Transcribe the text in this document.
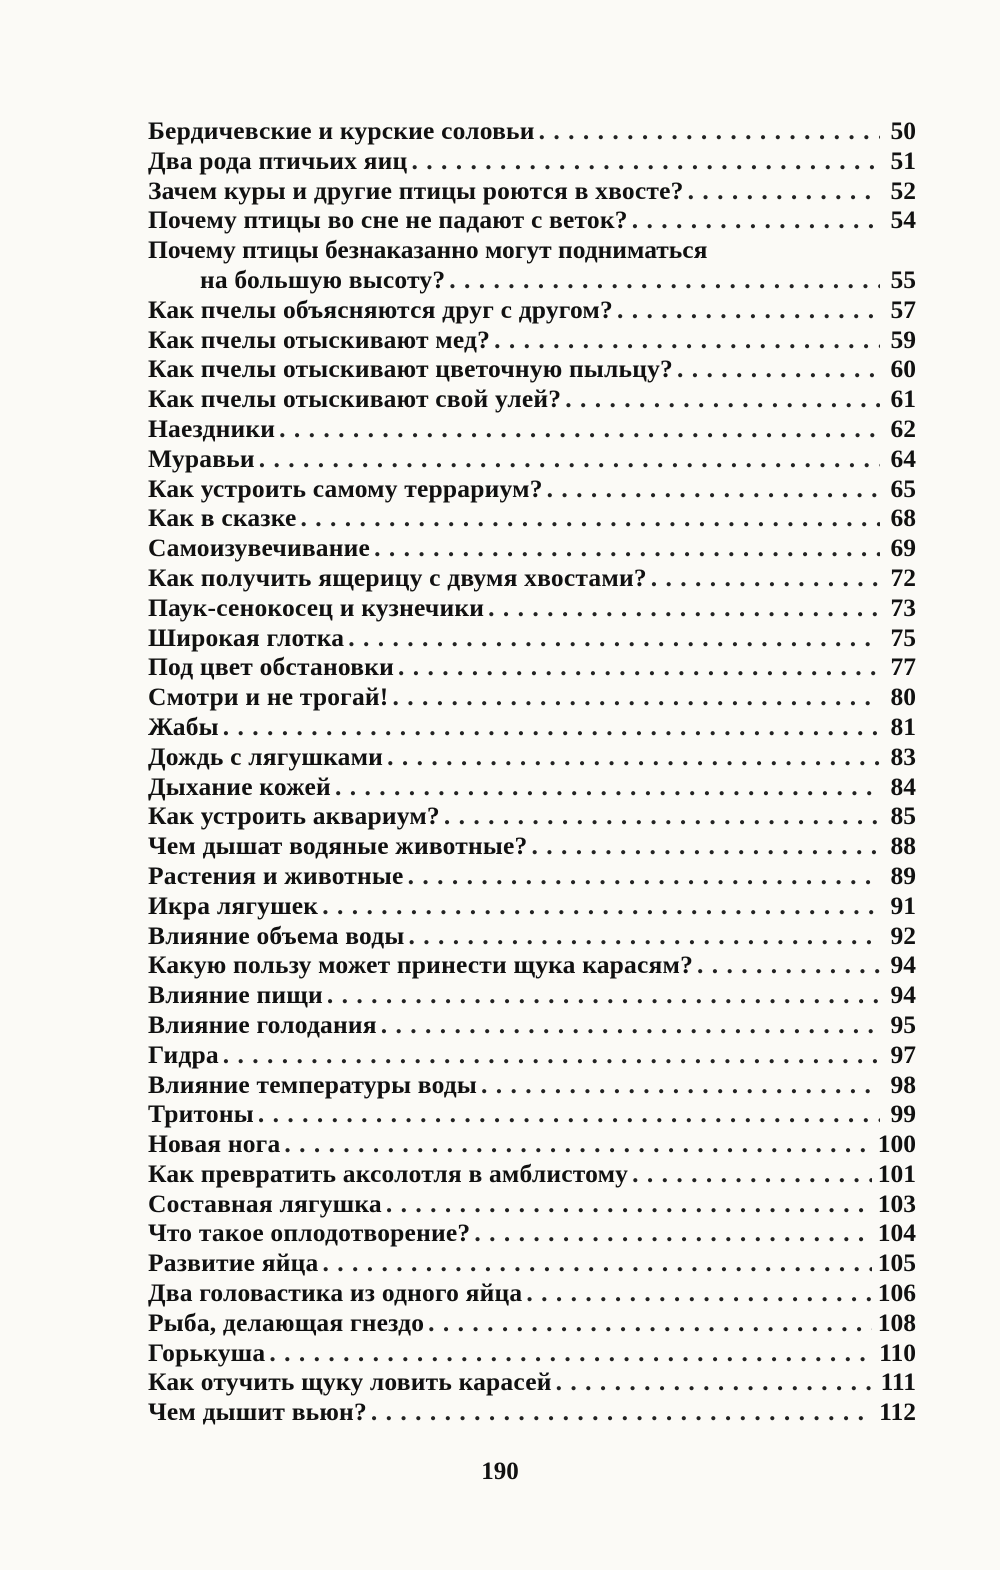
Бердичевские и курские соловьи . . .	50
Два рода птичьих яиц . . .	51
Зачем куры и другие птицы роются в хвосте? . . .	52
Почему птицы во сне не падают с веток? . . .	54
Почему птицы безнаказанно могут подниматься
на большую высоту? . . .	55
Как пчелы объясняются друг с другом? . . .	57
Как пчелы отыскивают мед? . . .	59
Как пчелы отыскивают цветочную пыльцу? . . .	60
Как пчелы отыскивают свой улей? . . .	61
Наездники . . .	62
Муравьи . . .	64
Как устроить самому террариум? . . .	65
Как в сказке . . .	68
Самоизувечивание . . .	69
Как получить ящерицу с двумя хвостами? . . .	72
Паук-сенокосец и кузнечики . . .	73
Широкая глотка . . .	75
Под цвет обстановки . . .	77
Смотри и не трогай! . . .	80
Жабы . . .	81
Дождь с лягушками . . .	83
Дыхание кожей . . .	84
Как устроить аквариум? . . .	85
Чем дышат водяные животные? . . .	88
Растения и животные . . .	89
Икра лягушек . . .	91
Влияние объема воды . . .	92
Какую пользу может принести щука карасям? . . .	94
Влияние пищи . . .	94
Влияние голодания . . .	95
Гидра . . .	97
Влияние температуры воды . . .	98
Тритоны . . .	99
Новая нога . . .	100
Как превратить аксолотля в амблистому . . .	101
Составная лягушка . . .	103
Что такое оплодотворение? . . .	104
Развитие яйца . . .	105
Два головастика из одного яйца . . .	106
Рыба, делающая гнездо . . .	108
Горькуша . . .	110
Как отучить щуку ловить карасей . . .	111
Чем дышит вьюн? . . .	112
190
